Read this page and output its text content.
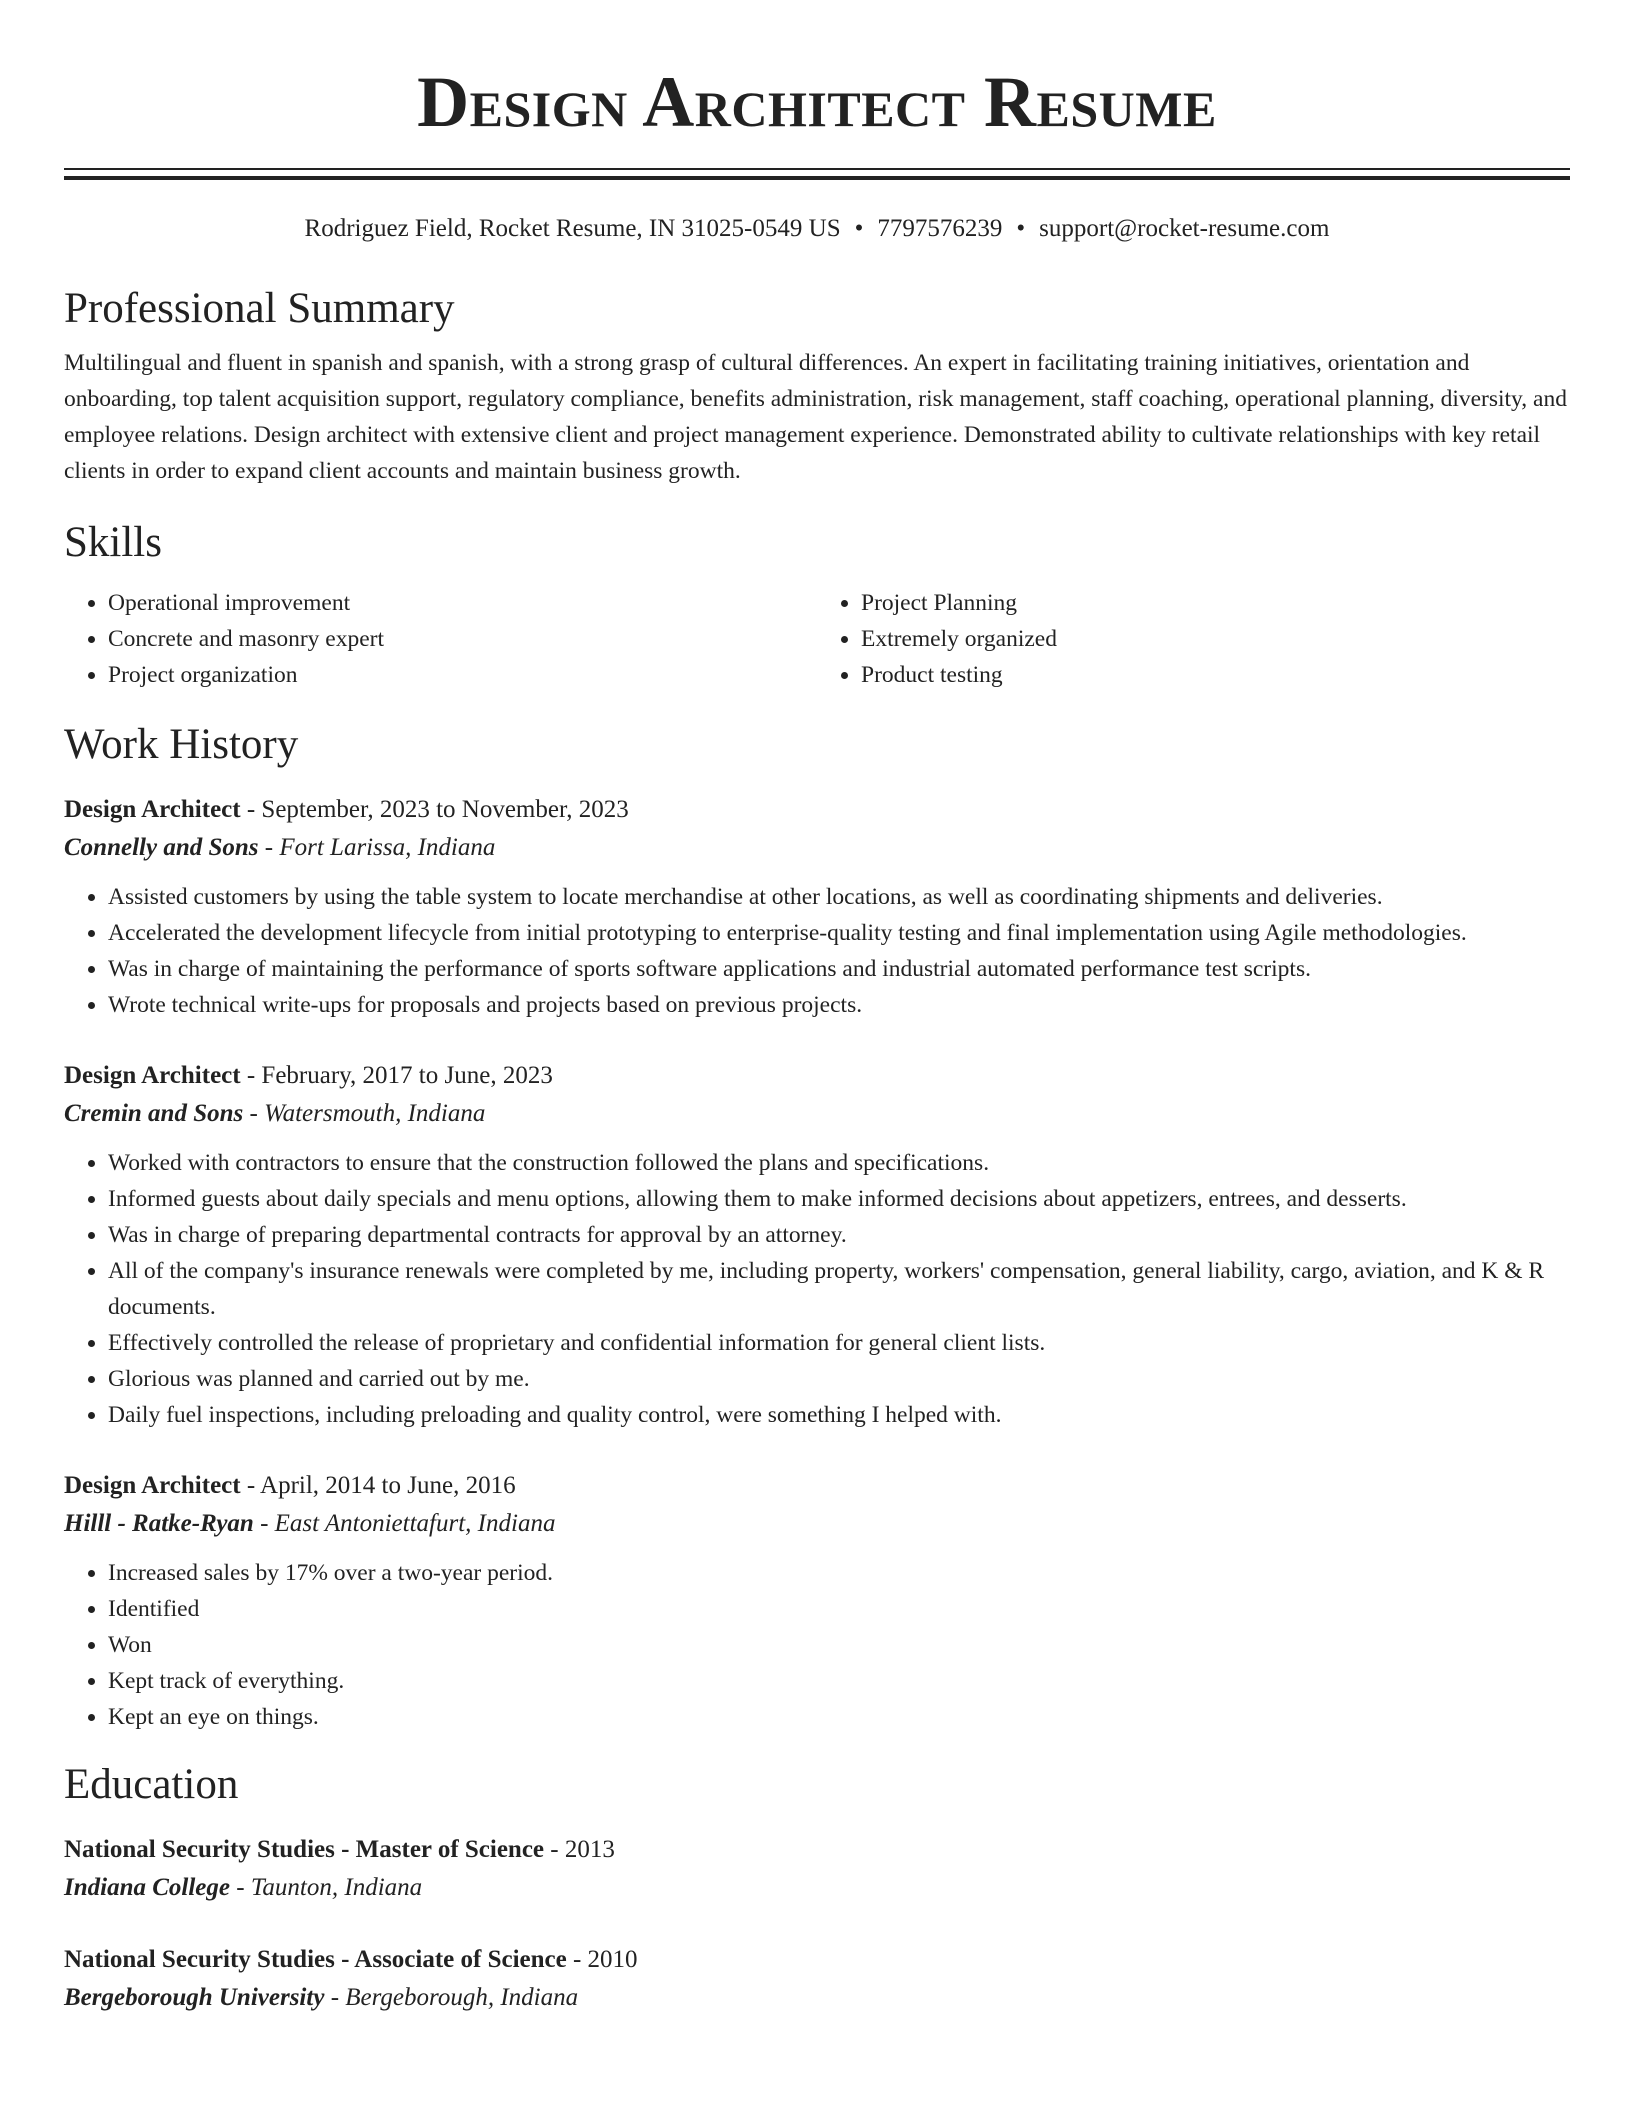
Design Architect Resume
Rodriguez Field, Rocket Resume, IN 31025-0549 US • 7797576239 • support@rocket-resume.com
Professional Summary

Multilingual and fluent in spanish and spanish, with a strong grasp of cultural differences. An expert in facilitating training initiatives, orientation and onboarding, top talent acquisition support, regulatory compliance, benefits administration, risk management, staff coaching, operational planning, diversity, and employee relations. Design architect with extensive client and project management experience. Demonstrated ability to cultivate relationships with key retail clients in order to expand client accounts and maintain business growth.

Skills
• Operational improvement
• Concrete and masonry expert
• Project organization
• Project Planning
• Extremely organized
• Product testing
Work History
Design Architect - September, 2023 to November, 2023
Connelly and Sons - Fort Larissa, Indiana
• Assisted customers by using the table system to locate merchandise at other locations, as well as coordinating shipments and deliveries.
• Accelerated the development lifecycle from initial prototyping to enterprise-quality testing and final implementation using Agile methodologies.
• Was in charge of maintaining the performance of sports software applications and industrial automated performance test scripts.
• Wrote technical write-ups for proposals and projects based on previous projects.
Design Architect - February, 2017 to June, 2023
Cremin and Sons - Watersmouth, Indiana
• Worked with contractors to ensure that the construction followed the plans and specifications.
• Informed guests about daily specials and menu options, allowing them to make informed decisions about appetizers, entrees, and desserts.
• Was in charge of preparing departmental contracts for approval by an attorney.
• All of the company's insurance renewals were completed by me, including property, workers' compensation, general liability, cargo, aviation, and K & R documents.
• Effectively controlled the release of proprietary and confidential information for general client lists.
• Glorious was planned and carried out by me.
• Daily fuel inspections, including preloading and quality control, were something I helped with.
Design Architect - April, 2014 to June, 2016
Hilll - Ratke-Ryan - East Antoniettafurt, Indiana
• Increased sales by 17% over a two-year period.
• Identified
• Won
• Kept track of everything.
• Kept an eye on things.
Education
National Security Studies - Master of Science - 2013
Indiana College - Taunton, Indiana
National Security Studies - Associate of Science - 2010
Bergeborough University - Bergeborough, Indiana
